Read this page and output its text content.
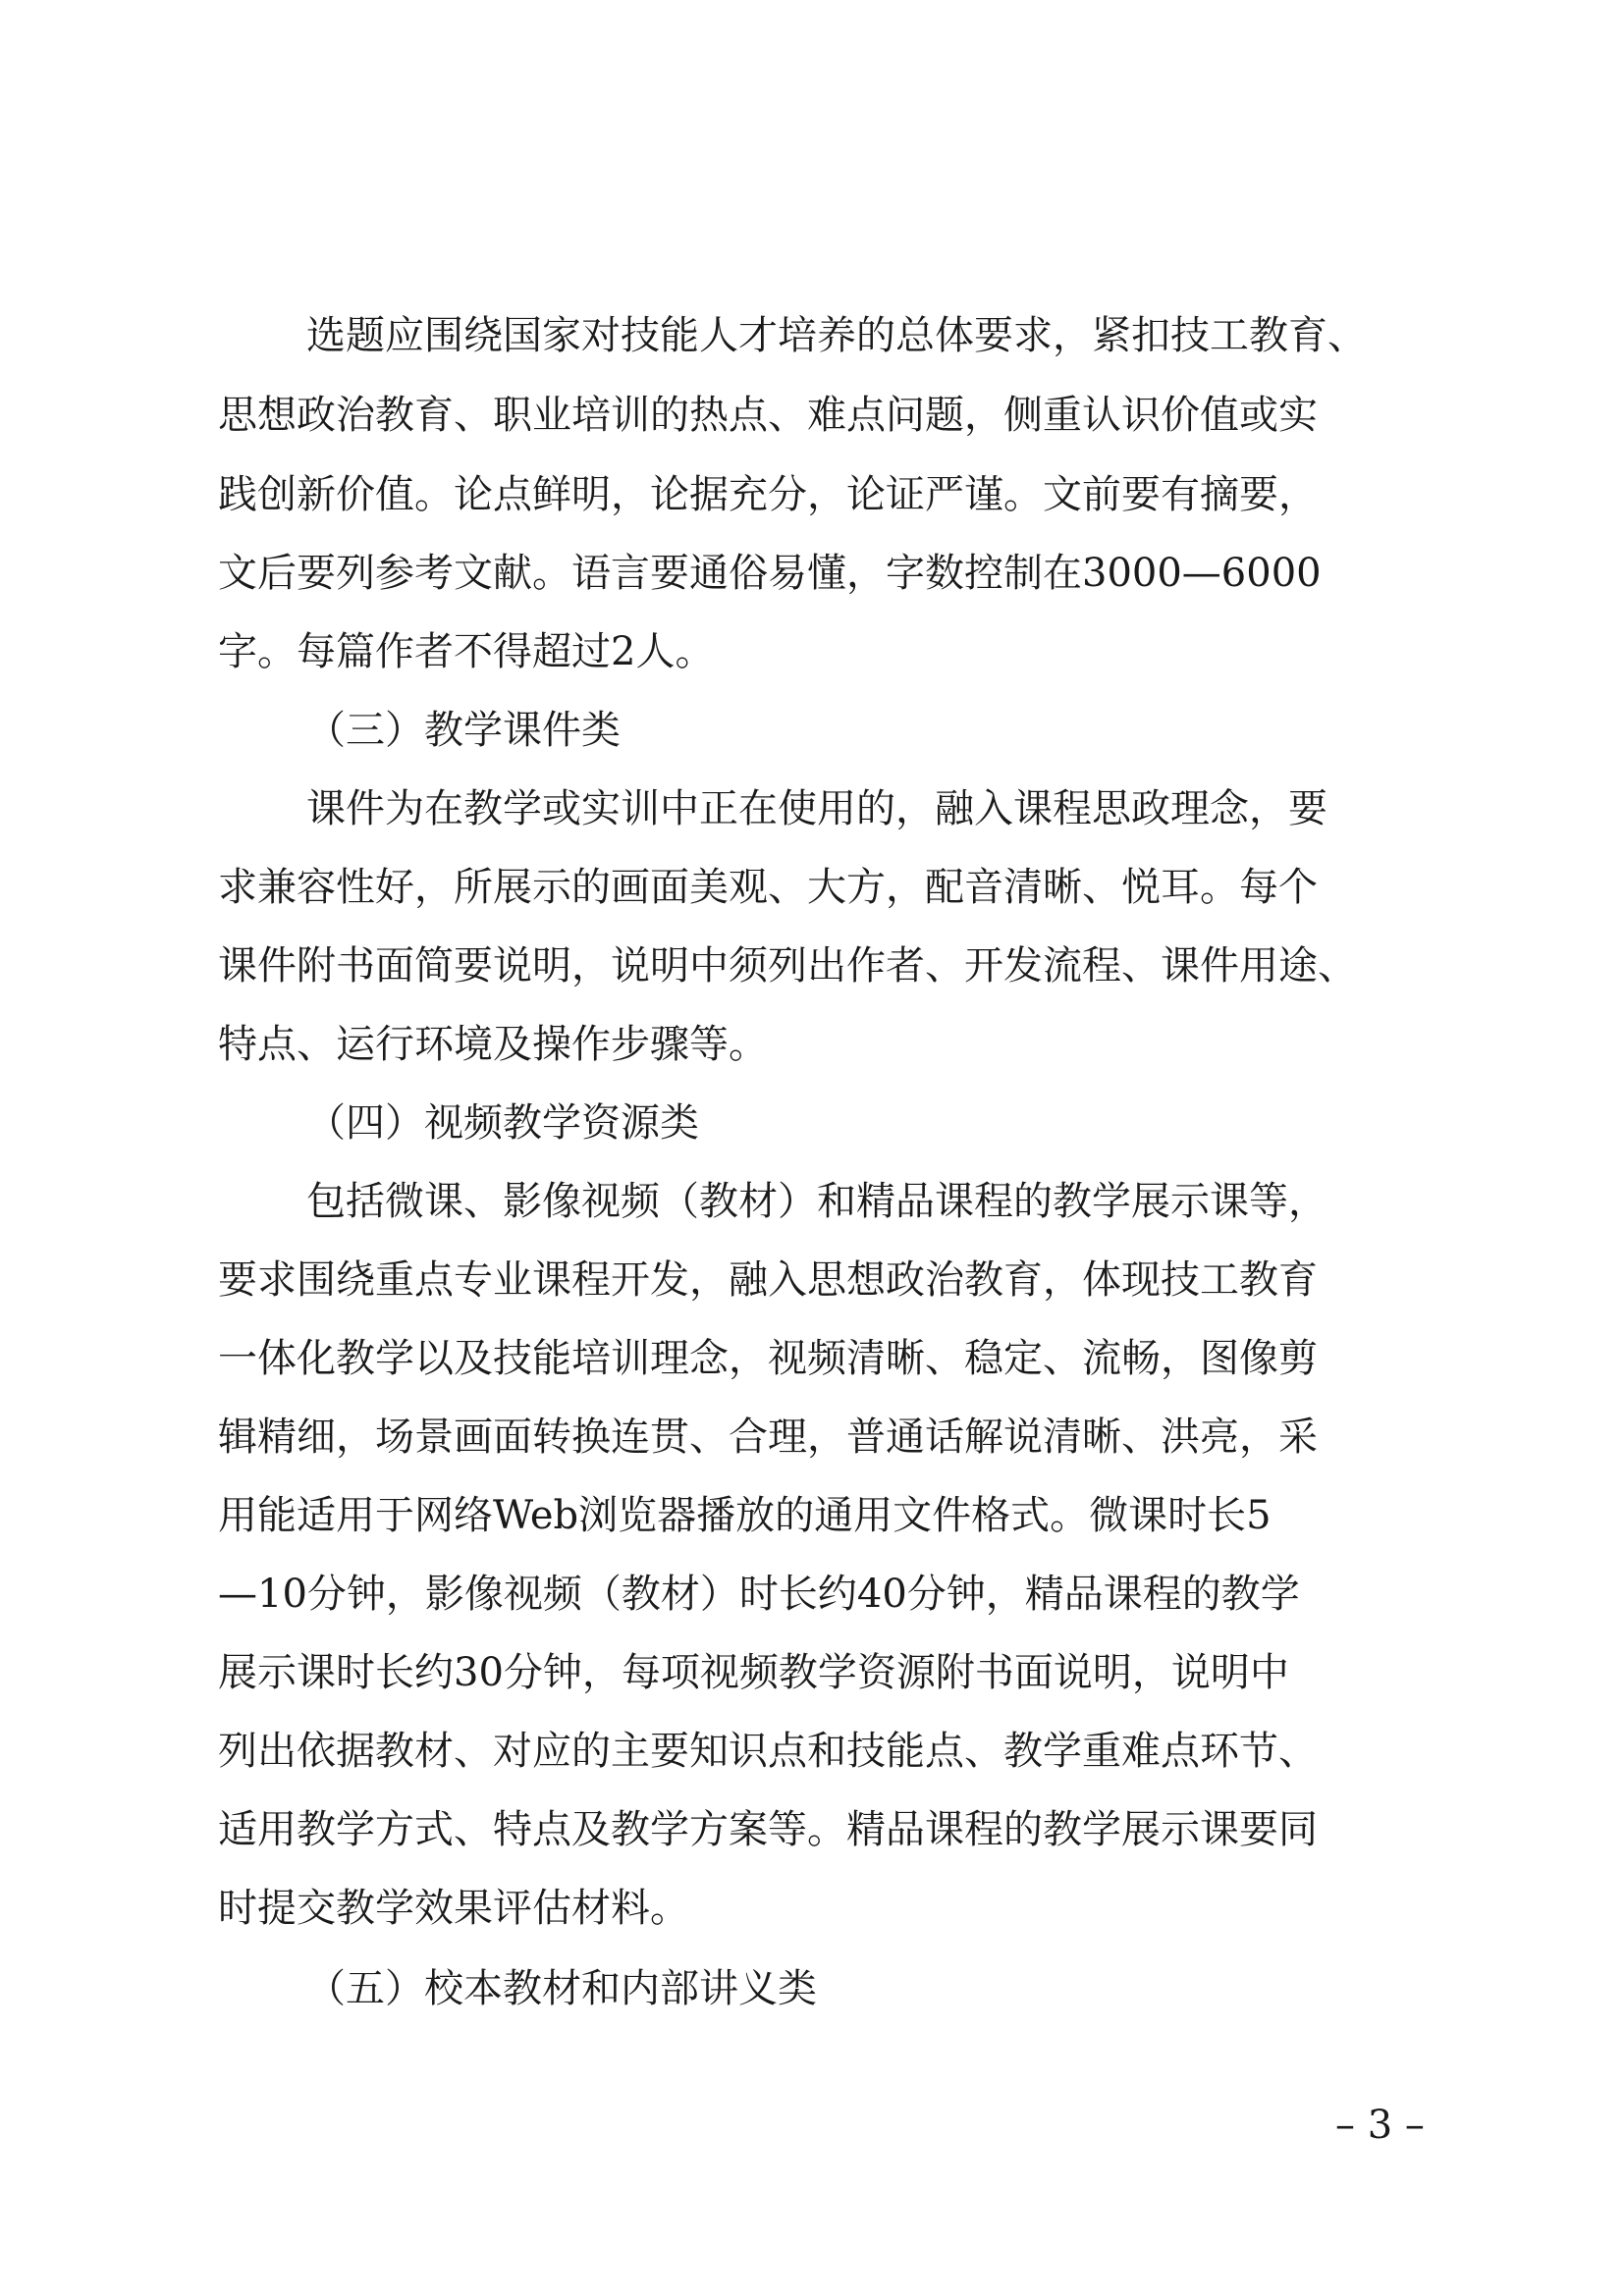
选题应围绕国家对技能人才培养的总体要求，紧扣技工教育、
思想政治教育、职业培训的热点、难点问题，侧重认识价值或实
践创新价值。论点鲜明，论据充分，论证严谨。文前要有摘要，
文后要列参考文献。语言要通俗易懂，字数控制在3000—6000
字。每篇作者不得超过2人。
（三）教学课件类
课件为在教学或实训中正在使用的，融入课程思政理念，要
求兼容性好，所展示的画面美观、大方，配音清晰、悦耳。每个
课件附书面简要说明，说明中须列出作者、开发流程、课件用途、
特点、运行环境及操作步骤等。
（四）视频教学资源类
包括微课、影像视频（教材）和精品课程的教学展示课等，
要求围绕重点专业课程开发，融入思想政治教育，体现技工教育
一体化教学以及技能培训理念，视频清晰、稳定、流畅，图像剪
辑精细，场景画面转换连贯、合理，普通话解说清晰、洪亮，采
用能适用于网络Web浏览器播放的通用文件格式。微课时长5
—10分钟，影像视频（教材）时长约40分钟，精品课程的教学
展示课时长约30分钟，每项视频教学资源附书面说明，说明中
列出依据教材、对应的主要知识点和技能点、教学重难点环节、
适用教学方式、特点及教学方案等。精品课程的教学展示课要同
时提交教学效果评估材料。
（五）校本教材和内部讲义类
– 3 –
